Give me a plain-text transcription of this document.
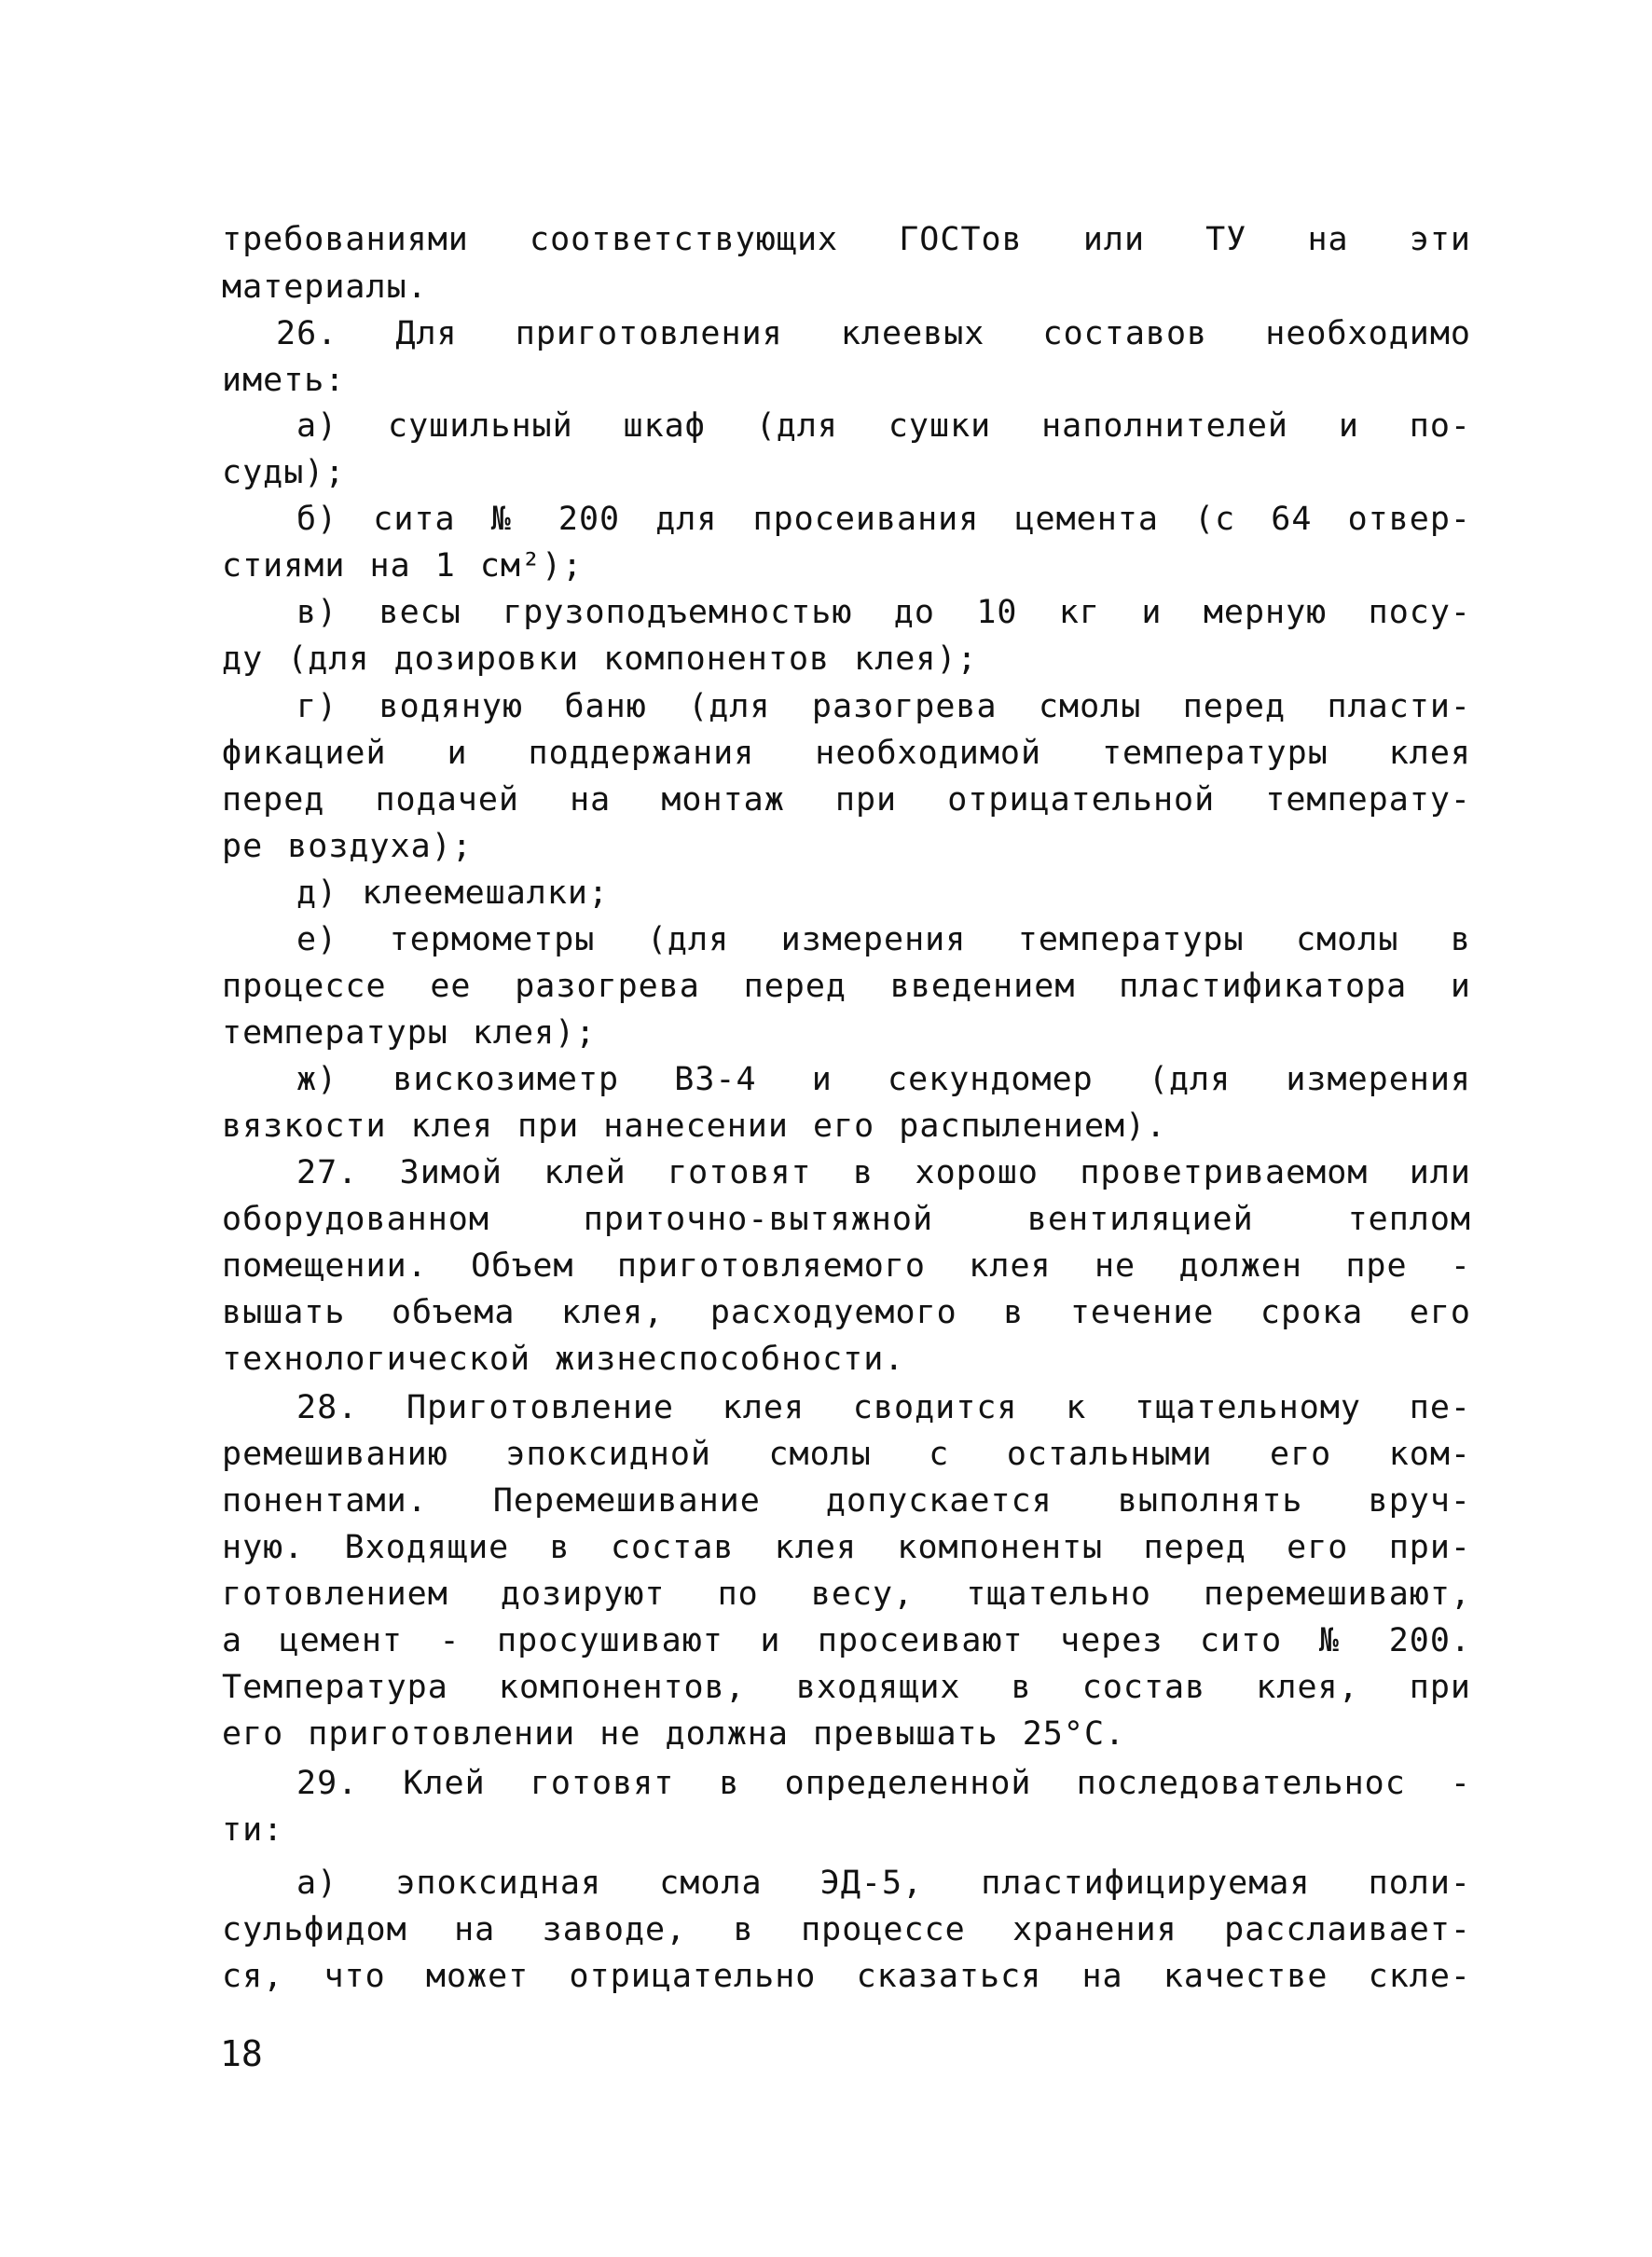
требованиями соответствующих ГОСТов или ТУ на эти

материалы.

26. Для приготовления клеевых составов необходимо

иметь:

а) сушильный шкаф (для сушки наполнителей и по-

суды);

б) сита № 200 для просеивания цемента (с 64 отвер-

стиями на 1 см²);

в) весы грузоподъемностью до 10 кг и мерную посу-

ду (для дозировки компонентов клея);

г) водяную баню (для разогрева смолы перед пласти-

фикацией и поддержания необходимой температуры клея

перед подачей на монтаж при отрицательной температу-

ре воздуха);

д) клеемешалки;

е) термометры (для измерения температуры смолы в

процессе ее разогрева перед введением пластификатора и

температуры клея);

ж) вискозиметр ВЗ-4 и секундомер (для измерения

вязкости клея при нанесении его распылением).

27. Зимой клей готовят в хорошо проветриваемом или

оборудованном приточно-вытяжной вентиляцией теплом

помещении. Объем приготовляемого клея не должен пре -

вышать объема клея, расходуемого в течение срока его

технологической жизнеспособности.

28. Приготовление клея сводится к тщательному пе-

ремешиванию эпоксидной смолы с остальными его ком-

понентами. Перемешивание допускается выполнять вруч-

ную. Входящие в состав клея компоненты перед его при-

готовлением дозируют по весу, тщательно перемешивают,

а цемент - просушивают и просеивают через сито № 200.

Температура компонентов, входящих в состав клея, при

его приготовлении не должна превышать 25°С.

29. Клей готовят в определенной последовательнос -

ти:

а) эпоксидная смола ЭД-5, пластифицируемая поли-

сульфидом на заводе, в процессе хранения расслаивает-

ся, что может отрицательно сказаться на качестве скле-

18
